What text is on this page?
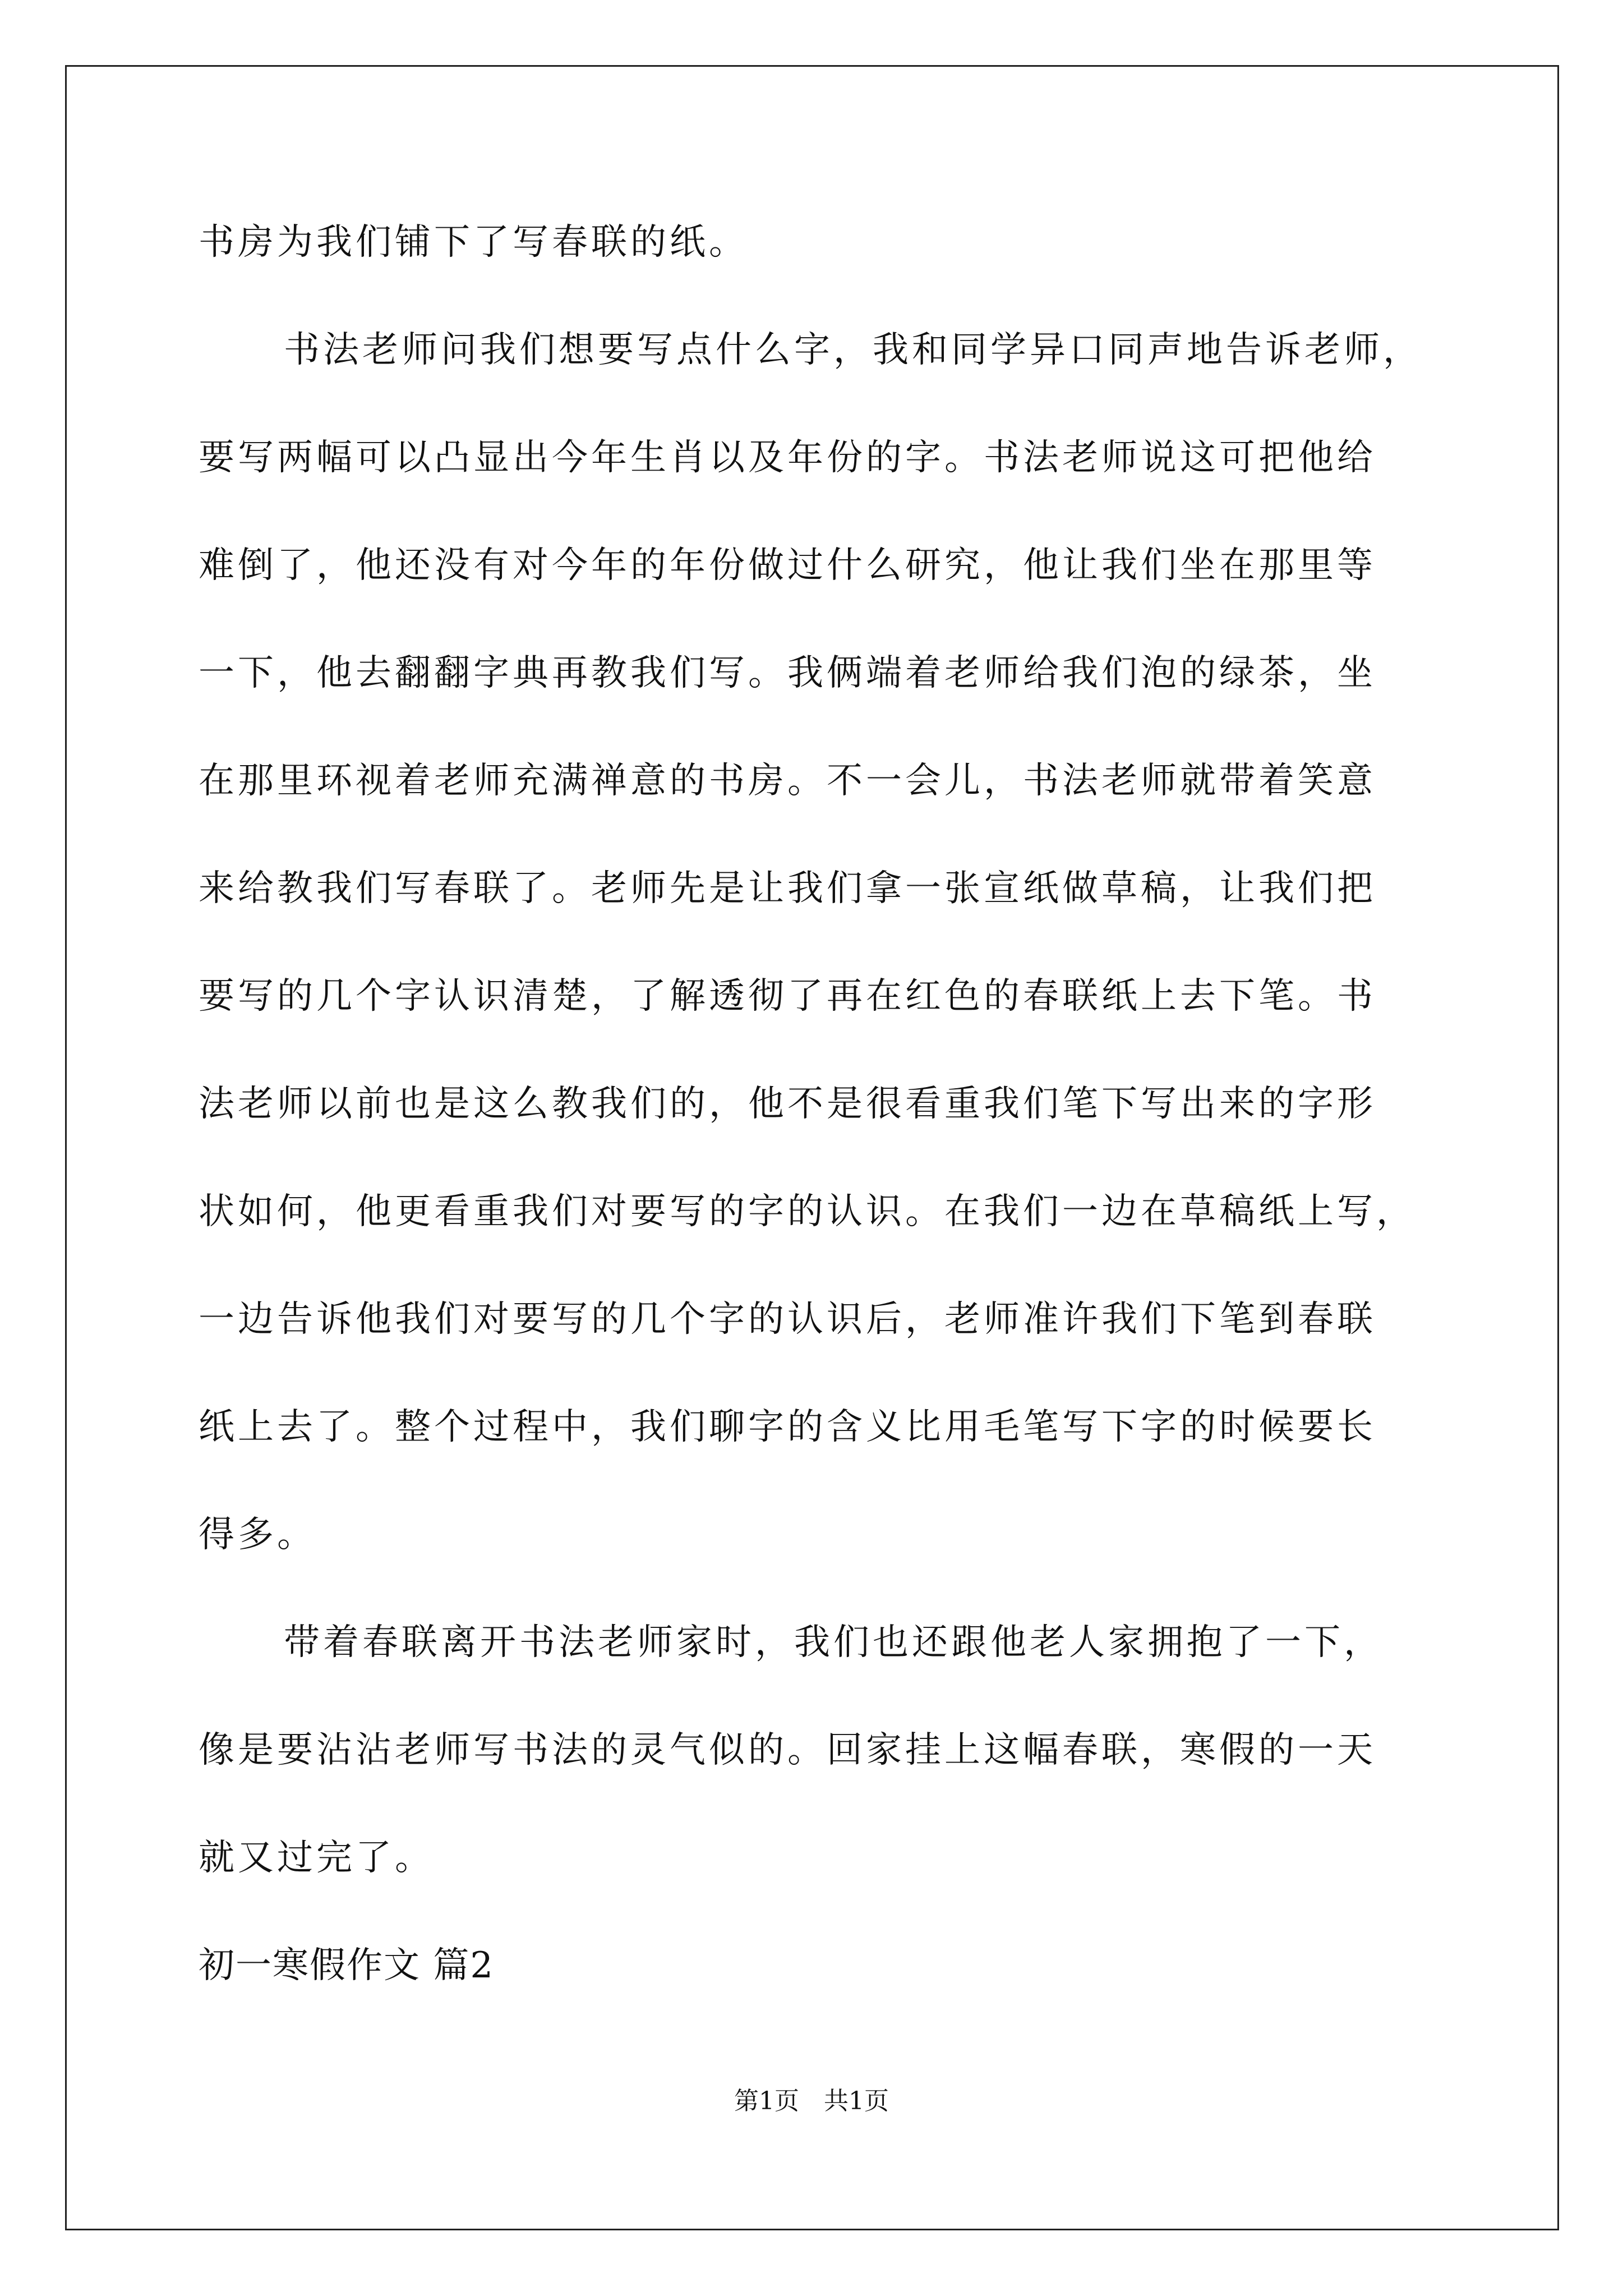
书房为我们铺下了写春联的纸。
书法老师问我们想要写点什么字，我和同学异口同声地告诉老师，
要写两幅可以凸显出今年生肖以及年份的字。书法老师说这可把他给
难倒了，他还没有对今年的年份做过什么研究，他让我们坐在那里等
一下，他去翻翻字典再教我们写。我俩端着老师给我们泡的绿茶，坐
在那里环视着老师充满禅意的书房。不一会儿，书法老师就带着笑意
来给教我们写春联了。老师先是让我们拿一张宣纸做草稿，让我们把
要写的几个字认识清楚，了解透彻了再在红色的春联纸上去下笔。书
法老师以前也是这么教我们的，他不是很看重我们笔下写出来的字形
状如何，他更看重我们对要写的字的认识。在我们一边在草稿纸上写，
一边告诉他我们对要写的几个字的认识后，老师准许我们下笔到春联
纸上去了。整个过程中，我们聊字的含义比用毛笔写下字的时候要长
得多。
带着春联离开书法老师家时，我们也还跟他老人家拥抱了一下，
像是要沾沾老师写书法的灵气似的。回家挂上这幅春联，寒假的一天
就又过完了。
初一寒假作文 篇2
第1页　共1页
